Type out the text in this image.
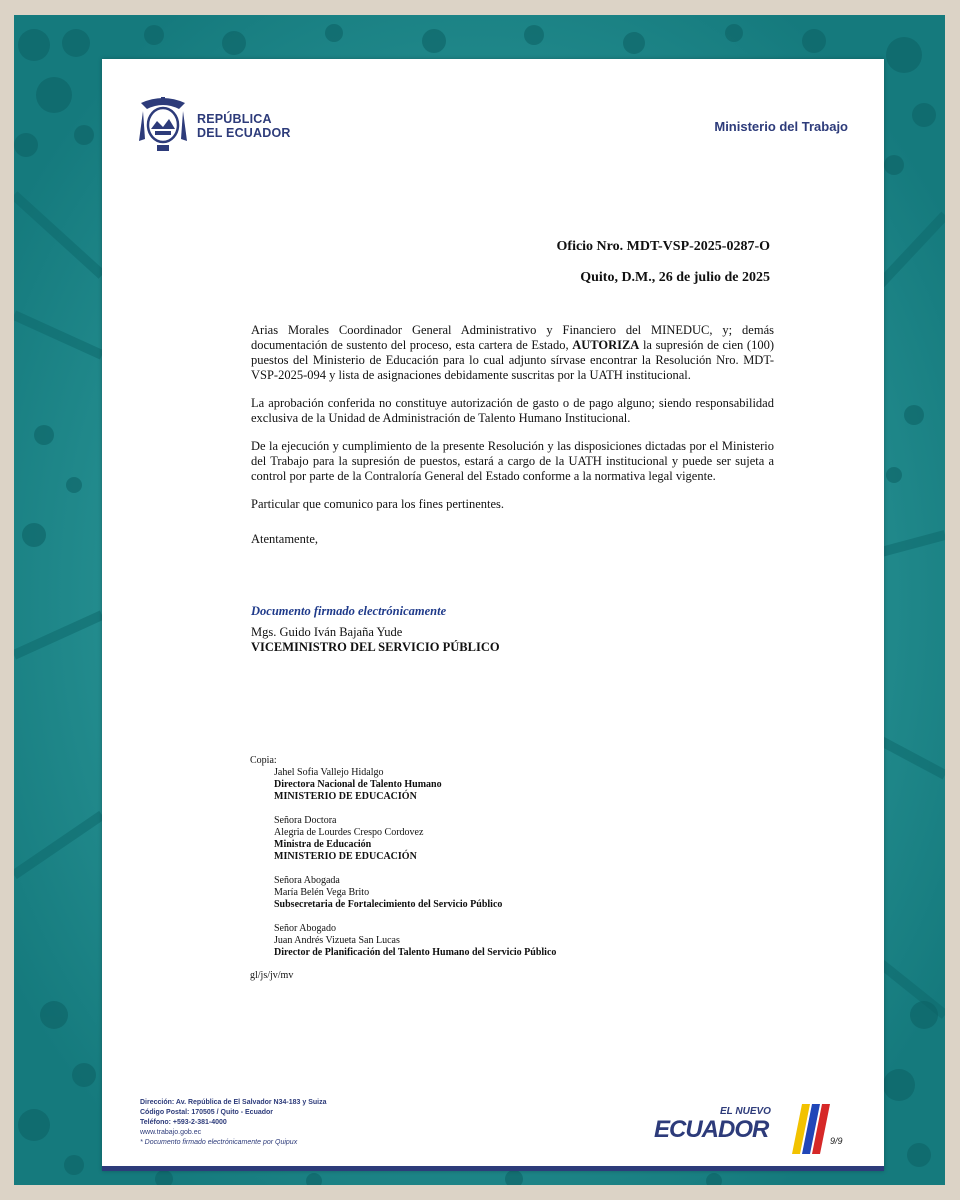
REPÚBLICA
DEL ECUADOR	Ministerio del Trabajo
Oficio Nro. MDT-VSP-2025-0287-O
Quito, D.M., 26 de julio de 2025

Arias Morales Coordinador General Administrativo y Financiero del MINEDUC, y; demás documentación de sustento del proceso, esta cartera de Estado, AUTORIZA la supresión de cien (100) puestos del Ministerio de Educación para lo cual adjunto sírvase encontrar la Resolución Nro. MDT-VSP-2025-094 y lista de asignaciones debidamente suscritas por la UATH institucional.

La aprobación conferida no constituye autorización de gasto o de pago alguno; siendo responsabilidad exclusiva de la Unidad de Administración de Talento Humano Institucional.

De la ejecución y cumplimiento de la presente Resolución y las disposiciones dictadas por el Ministerio del Trabajo para la supresión de puestos, estará a cargo de la UATH institucional y puede ser sujeta a control por parte de la Contraloría General del Estado conforme a la normativa legal vigente.

Particular que comunico para los fines pertinentes.

Atentamente,

Documento firmado electrónicamente
Mgs. Guido Iván Bajaña Yude
VICEMINISTRO DEL SERVICIO PÚBLICO
Copia:
Jahel Sofia Vallejo Hidalgo
Directora Nacional de Talento Humano
MINISTERIO DE EDUCACIÓN
Señora Doctora
Alegria de Lourdes Crespo Cordovez
Ministra de Educación
MINISTERIO DE EDUCACIÓN
Señora Abogada
María Belén Vega Brito
Subsecretaria de Fortalecimiento del Servicio Público
Señor Abogado
Juan Andrés Vizueta San Lucas
Director de Planificación del Talento Humano del Servicio Público
gl/js/jv/mv
Dirección: Av. República de El Salvador N34-183 y Suiza
Código Postal: 170505 / Quito - Ecuador
Teléfono: +593-2-381-4000
www.trabajo.gob.ec
* Documento firmado electrónicamente por Quipux
EL NUEVO
ECUADOR	9/9
